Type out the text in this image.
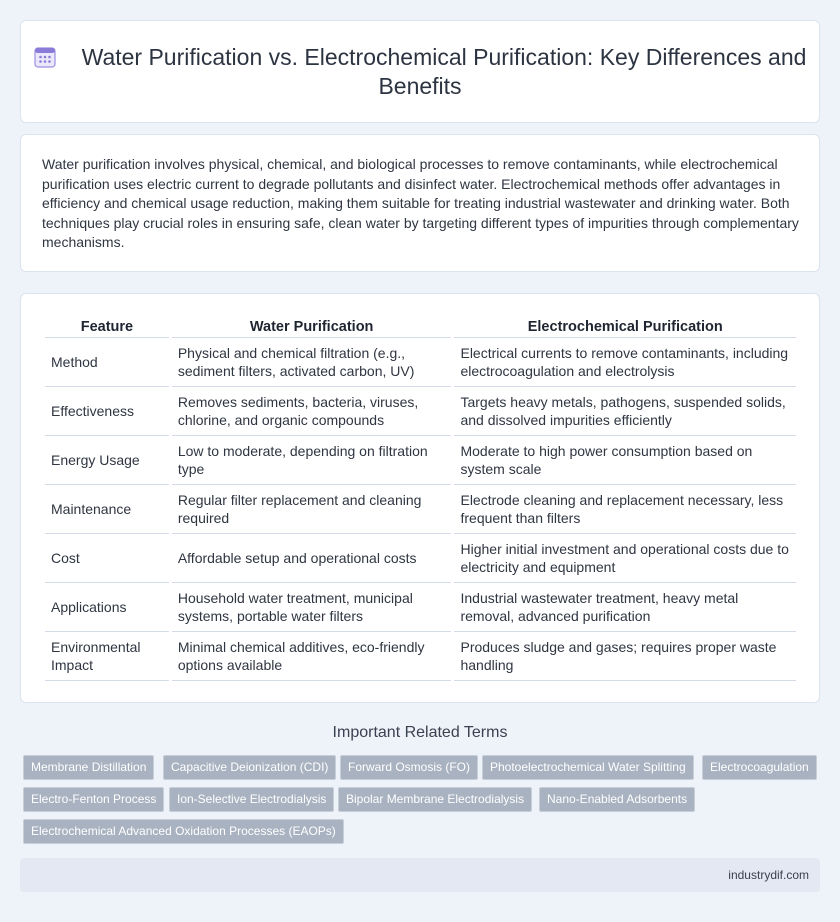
Water Purification vs. Electrochemical Purification: Key Differences and Benefits

Water purification involves physical, chemical, and biological processes to remove contaminants, while electrochemical purification uses electric current to degrade pollutants and disinfect water. Electrochemical methods offer advantages in efficiency and chemical usage reduction, making them suitable for treating industrial wastewater and drinking water. Both techniques play crucial roles in ensuring safe, clean water by targeting different types of impurities through complementary mechanisms.

Feature	Water Purification	Electrochemical Purification
Method	Physical and chemical filtration (e.g., sediment filters, activated carbon, UV)	Electrical currents to remove contaminants, including electrocoagulation and electrolysis
Effectiveness	Removes sediments, bacteria, viruses, chlorine, and organic compounds	Targets heavy metals, pathogens, suspended solids, and dissolved impurities efficiently
Energy Usage	Low to moderate, depending on filtration type	Moderate to high power consumption based on system scale
Maintenance	Regular filter replacement and cleaning required	Electrode cleaning and replacement necessary, less frequent than filters
Cost	Affordable setup and operational costs	Higher initial investment and operational costs due to electricity and equipment
Applications	Household water treatment, municipal systems, portable water filters	Industrial wastewater treatment, heavy metal removal, advanced purification
Environmental Impact	Minimal chemical additives, eco-friendly options available	Produces sludge and gases; requires proper waste handling
Important Related Terms
Membrane Distillation	Capacitive Deionization (CDI)	Forward Osmosis (FO)	Photoelectrochemical Water Splitting	Electrocoagulation
Electro-Fenton Process	Ion-Selective Electrodialysis	Bipolar Membrane Electrodialysis	Nano-Enabled Adsorbents
Electrochemical Advanced Oxidation Processes (EAOPs)
industrydif.com
